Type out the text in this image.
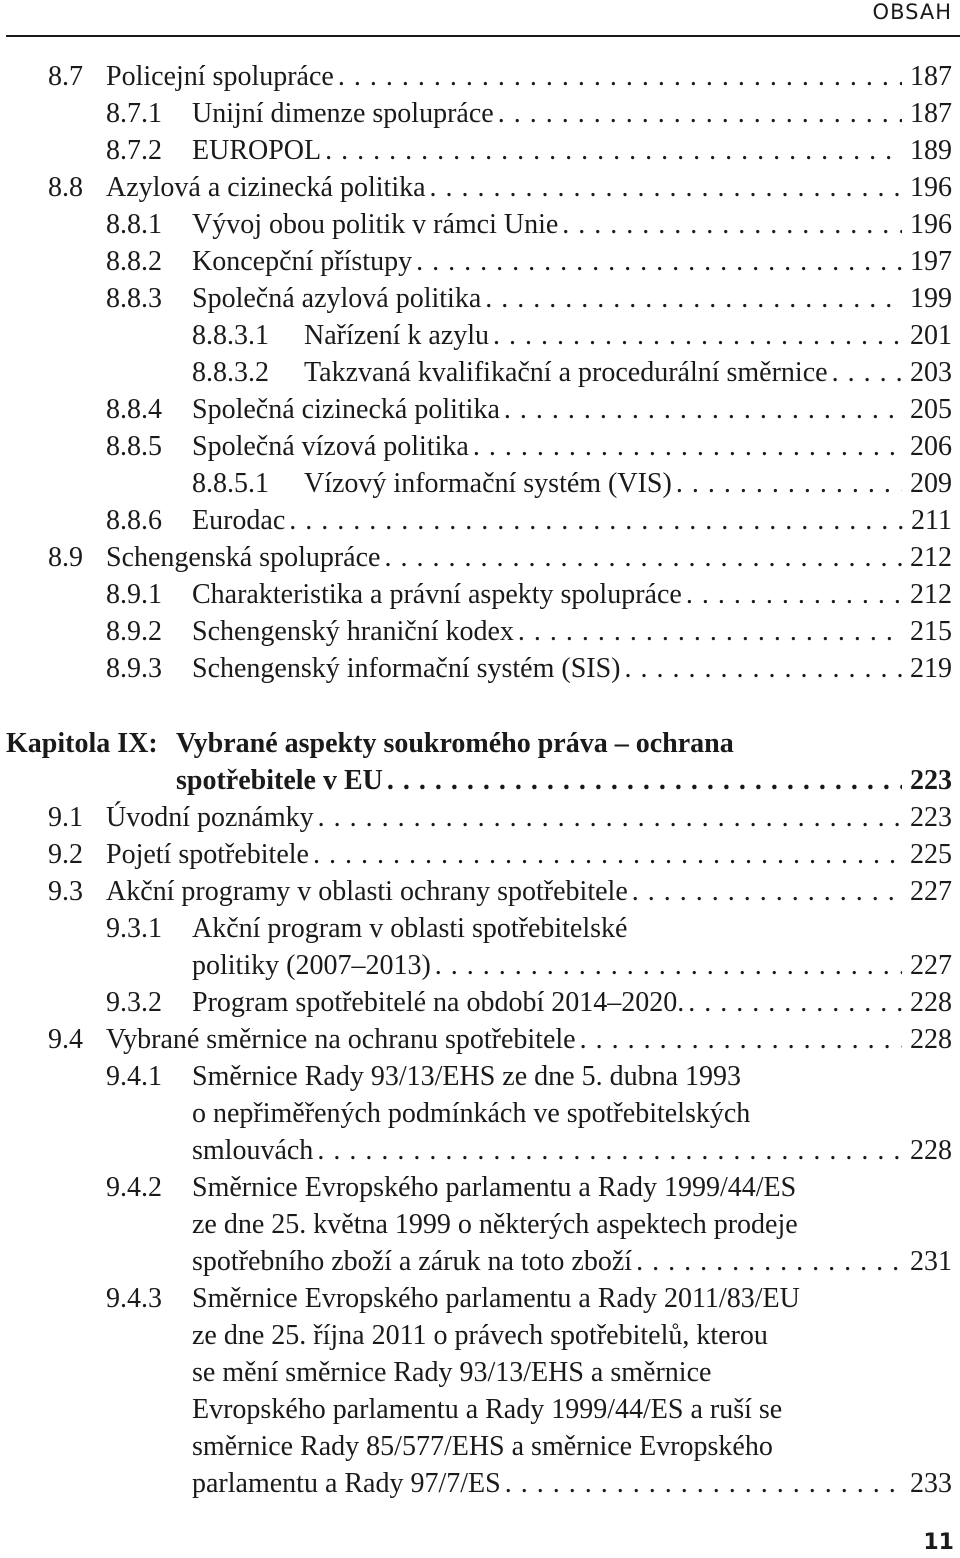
OBSAH

8.7 Policejní spolupráce . . .	187
8.7.1 Unijní dimenze spolupráce . . .	187
8.7.2 EUROPOL . . .	189
8.8 Azylová a cizinecká politika . . .	196
8.8.1 Vývoj obou politik v rámci Unie . . .	196
8.8.2 Koncepční přístupy . . .	197
8.8.3 Společná azylová politika . . .	199
8.8.3.1 Nařízení k azylu . . .	201
8.8.3.2 Takzvaná kvalifikační a procedurální směrnice . . .	203
8.8.4 Společná cizinecká politika . . .	205
8.8.5 Společná vízová politika . . .	206
8.8.5.1 Vízový informační systém (VIS) . . .	209
8.8.6 Eurodac . . .	211
8.9 Schengenská spolupráce . . .	212
8.9.1 Charakteristika a právní aspekty spolupráce . . .	212
8.9.2 Schengenský hraniční kodex . . .	215
8.9.3 Schengenský informační systém (SIS) . . .	219
Kapitola IX: Vybrané aspekty soukromého práva – ochrana
spotřebitele v EU . . .	223
9.1 Úvodní poznámky . . .	223
9.2 Pojetí spotřebitele . . .	225
9.3 Akční programy v oblasti ochrany spotřebitele . . .	227
9.3.1 Akční program v oblasti spotřebitelské
politiky (2007–2013) . . .	227
9.3.2 Program spotřebitelé na období 2014–2020. . . .	228
9.4 Vybrané směrnice na ochranu spotřebitele . . .	228
9.4.1 Směrnice Rady 93/13/EHS ze dne 5. dubna 1993
o nepřiměřených podmínkách ve spotřebitelských
smlouvách . . .	228
9.4.2 Směrnice Evropského parlamentu a Rady 1999/44/ES
ze dne 25. května 1999 o některých aspektech prodeje
spotřebního zboží a záruk na toto zboží . . .	231
9.4.3 Směrnice Evropského parlamentu a Rady 2011/83/EU
ze dne 25. října 2011 o právech spotřebitelů, kterou
se mění směrnice Rady 93/13/EHS a směrnice
Evropského parlamentu a Rady 1999/44/ES a ruší se
směrnice Rady 85/577/EHS a směrnice Evropského
parlamentu a Rady 97/7/ES . . .	233

11
